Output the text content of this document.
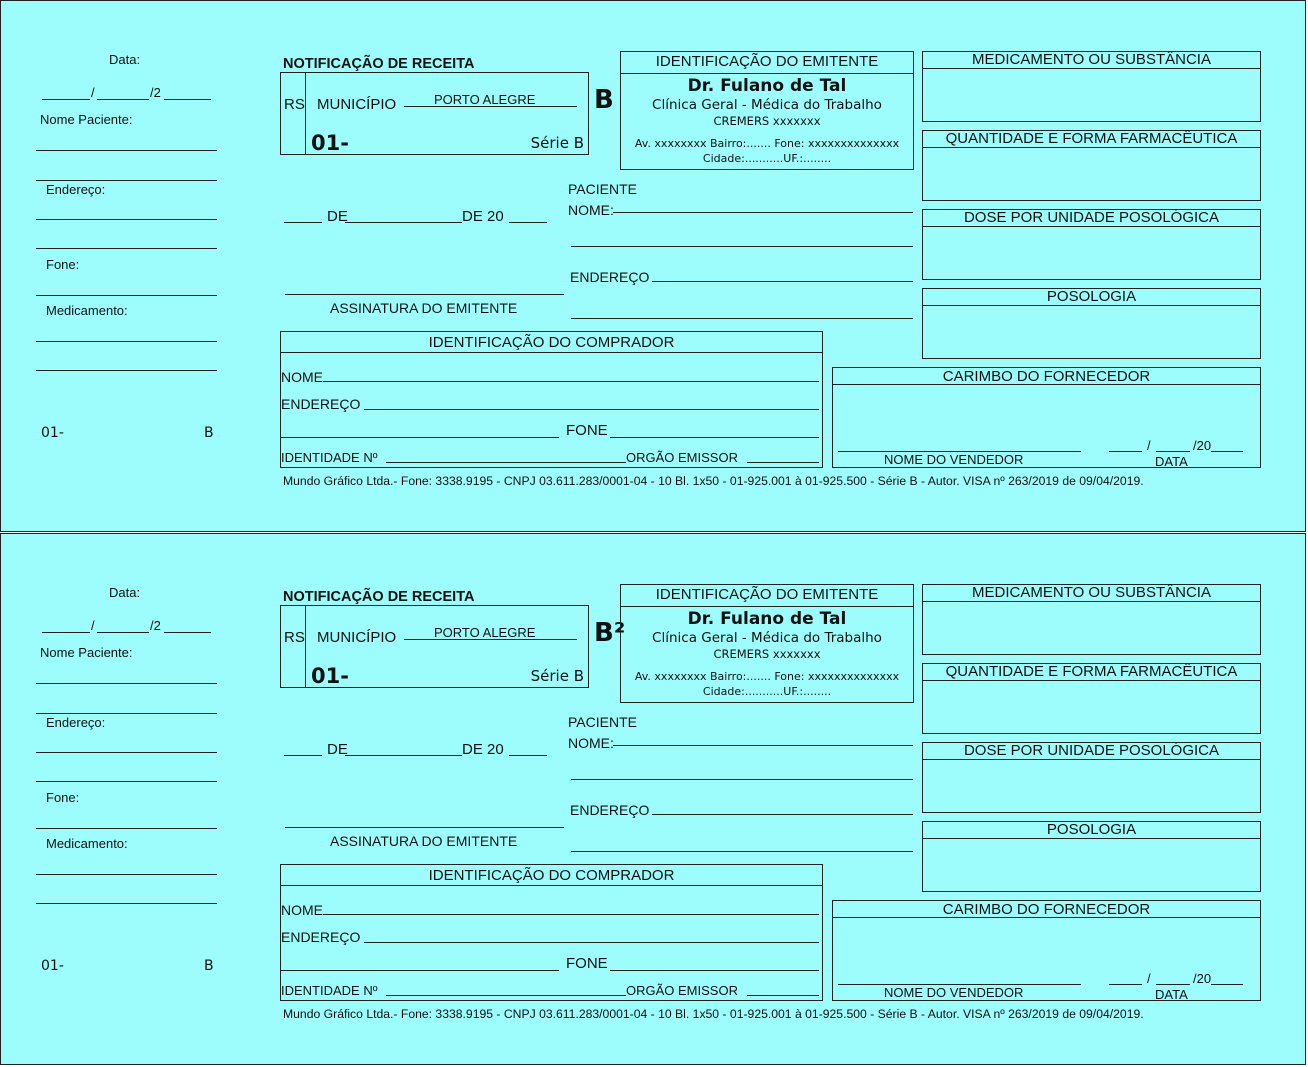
Data:
/	/2
Nome Paciente:
Endereço:
Fone:
Medicamento:
01-	B
NOTIFICAÇÃO DE RECEITA
RS MUNICÍPIO	PORTO ALEGRE
01-	Série B
B
IDENTIFICAÇÃO DO EMITENTE
Dr. Fulano de Tal
Clínica Geral - Médica do Trabalho
CREMERS xxxxxxx
Av. xxxxxxxx Bairro:....... Fone: xxxxxxxxxxxxxx
Cidade:...........UF.:........
DE	DE 20
ASSINATURA DO EMITENTE
PACIENTE
NOME:
ENDEREÇO
MEDICAMENTO OU SUBSTÂNCIA
QUANTIDADE E FORMA FARMACÊUTICA
DOSE POR UNIDADE POSOLÓGICA
POSOLOGIA
IDENTIFICAÇÃO DO COMPRADOR
NOME
ENDEREÇO
FONE
IDENTIDADE Nº	ORGÃO EMISSOR
CARIMBO DO FORNECEDOR
NOME DO VENDEDOR
/	/20
DATA
Mundo Gráfico Ltda.- Fone: 3338.9195 - CNPJ 03.611.283/0001-04 - 10 Bl. 1x50 - 01-925.001 à 01-925.500 - Série B - Autor. VISA nº 263/2019 de 09/04/2019.
Data:
/	/2
Nome Paciente:
Endereço:
Fone:
Medicamento:
01-	B
NOTIFICAÇÃO DE RECEITA
RS MUNICÍPIO	PORTO ALEGRE
01-	Série B
B²
IDENTIFICAÇÃO DO EMITENTE
Dr. Fulano de Tal
Clínica Geral - Médica do Trabalho
CREMERS xxxxxxx
Av. xxxxxxxx Bairro:....... Fone: xxxxxxxxxxxxxx
Cidade:...........UF.:........
DE	DE 20
ASSINATURA DO EMITENTE
PACIENTE
NOME:
ENDEREÇO
MEDICAMENTO OU SUBSTÂNCIA
QUANTIDADE E FORMA FARMACÊUTICA
DOSE POR UNIDADE POSOLÓGICA
POSOLOGIA
IDENTIFICAÇÃO DO COMPRADOR
NOME
ENDEREÇO
FONE
IDENTIDADE Nº	ORGÃO EMISSOR
CARIMBO DO FORNECEDOR
NOME DO VENDEDOR
/	/20
DATA
Mundo Gráfico Ltda.- Fone: 3338.9195 - CNPJ 03.611.283/0001-04 - 10 Bl. 1x50 - 01-925.001 à 01-925.500 - Série B - Autor. VISA nº 263/2019 de 09/04/2019.
